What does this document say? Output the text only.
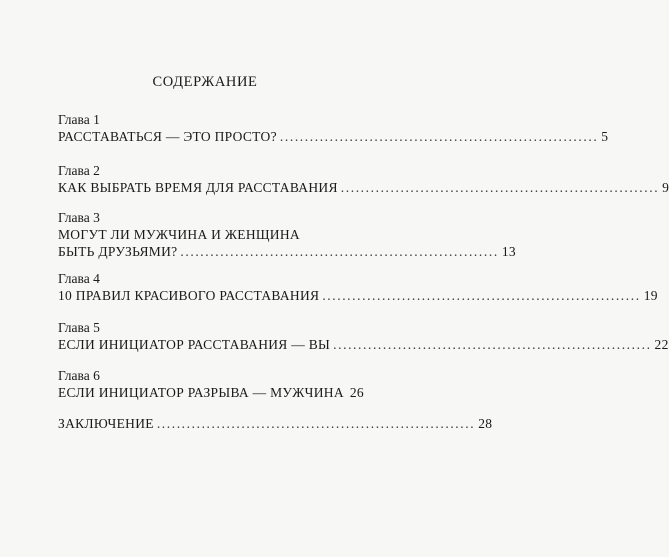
СОДЕРЖАНИЕ
Глава 1
РАССТАВАТЬСЯ — ЭТО ПРОСТО? ................................................................ 5
Глава 2
КАК ВЫБРАТЬ ВРЕМЯ ДЛЯ РАССТАВАНИЯ ................................................................ 9
Глава 3
МОГУТ ЛИ МУЖЧИНА И ЖЕНЩИНА
БЫТЬ ДРУЗЬЯМИ? ................................................................ 13
Глава 4
10 ПРАВИЛ КРАСИВОГО РАССТАВАНИЯ ................................................................ 19
Глава 5
ЕСЛИ ИНИЦИАТОР РАССТАВАНИЯ — ВЫ ................................................................ 22
Глава 6
ЕСЛИ ИНИЦИАТОР РАЗРЫВА — МУЖЧИНА 26
ЗАКЛЮЧЕНИЕ ................................................................ 28
